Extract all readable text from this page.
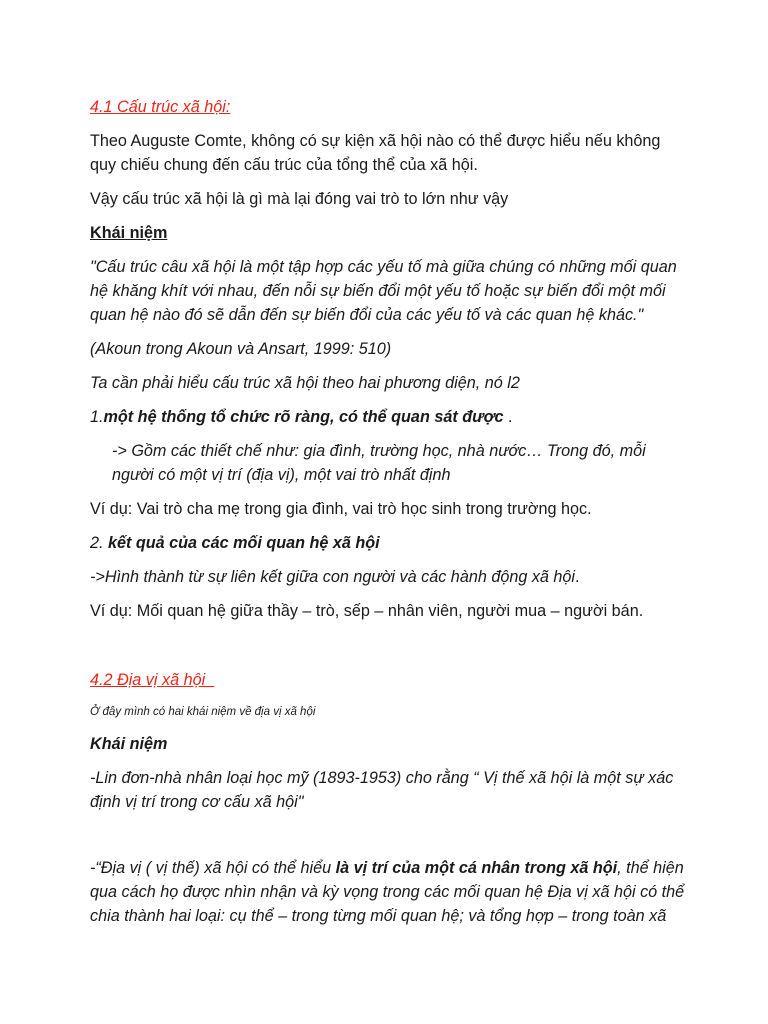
4.1 Cấu trúc xã hội:
Theo Auguste Comte, không có sự kiện xã hội nào có thể được hiểu nếu không
quy chiếu chung đến cấu trúc của tổng thể của xã hội.
Vậy cấu trúc xã hội là gì mà lại đóng vai trò to lớn như vậy
Khái niệm
"Cấu trúc câu xã hội là một tập hợp các yếu tố mà giữa chúng có những mối quan
hệ khăng khít với nhau, đến nỗi sự biến đổi một yếu tố hoặc sự biến đổi một mối
quan hệ nào đó sẽ dẫn đến sự biến đổi của các yếu tố và các quan hệ khác."
(Akoun trong Akoun và Ansart, 1999: 510)
Ta cần phải hiểu cấu trúc xã hội theo hai phương diện, nó l2
1.một hệ thống tổ chức rõ ràng, có thể quan sát được .
-> Gồm các thiết chế như: gia đình, trường học, nhà nước… Trong đó, mỗi
người có một vị trí (địa vị), một vai trò nhất định
Ví dụ: Vai trò cha mẹ trong gia đình, vai trò học sinh trong trường học.
2. kết quả của các mối quan hệ xã hội
->Hình thành từ sự liên kết giữa con người và các hành động xã hội.
Ví dụ: Mối quan hệ giữa thầy – trò, sếp – nhân viên, người mua – người bán.
4.2 Địa vị xã hội_
Ở đây mình có hai khái niệm về địa vị xã hội
Khái niệm
-Lin đơn-nhà nhân loại học mỹ (1893-1953) cho rằng “ Vị thế xã hội là một sự xác
định vị trí trong cơ cấu xã hội"
-“Địa vị ( vị thế) xã hội có thể hiểu là vị trí của một cá nhân trong xã hội, thể hiện
qua cách họ được nhìn nhận và kỳ vọng trong các mối quan hệ Địa vị xã hội có thể
chia thành hai loại: cụ thể – trong từng mối quan hệ; và tổng hợp – trong toàn xã
